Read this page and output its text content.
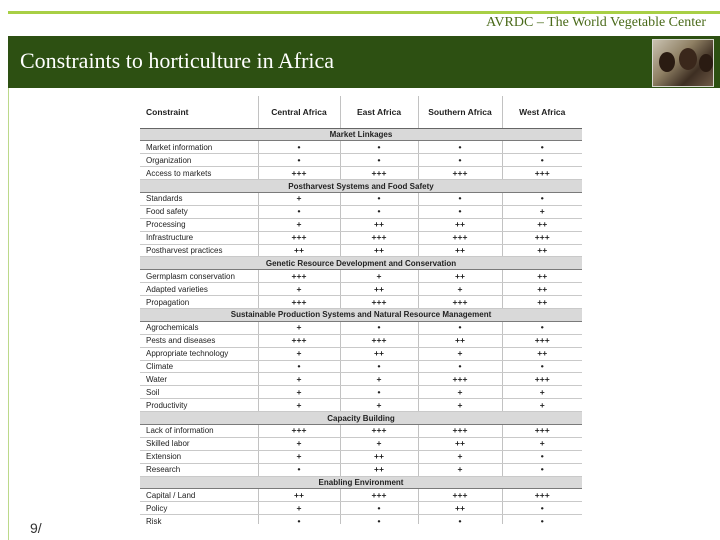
AVRDC – The World Vegetable Center
Constraints to horticulture in Africa
Constraint	Central Africa	East Africa	Southern Africa	West Africa
Market Linkages				
Market information	•	•	•	•
Organization	•	•	•	•
Access to markets	+++	+++	+++	+++
Postharvest Systems and Food Safety				
Standards	+	•	•	•
Food safety	•	•	•	+
Processing	+	++	++	++
Infrastructure	+++	+++	+++	+++
Postharvest practices	++	++	++	++
Genetic Resource Development and Conservation				
Germplasm conservation	+++	+	++	++
Adapted varieties	+	++	+	++
Propagation	+++	+++	+++	++
Sustainable Production Systems and Natural Resource Management				
Agrochemicals	+	•	•	•
Pests and diseases	+++	+++	++	+++
Appropriate technology	+	++	+	++
Climate	•	•	•	•
Water	+	+	+++	+++
Soil	+	•	+	+
Productivity	+	+	+	+
Capacity Building				
Lack of information	+++	+++	+++	+++
Skilled labor	+	+	++	+
Extension	+	++	+	•
Research	•	++	+	•
Enabling Environment				
Capital / Land	++	+++	+++	+++
Policy	+	•	++	•
Risk	•	•	•	•
9/
